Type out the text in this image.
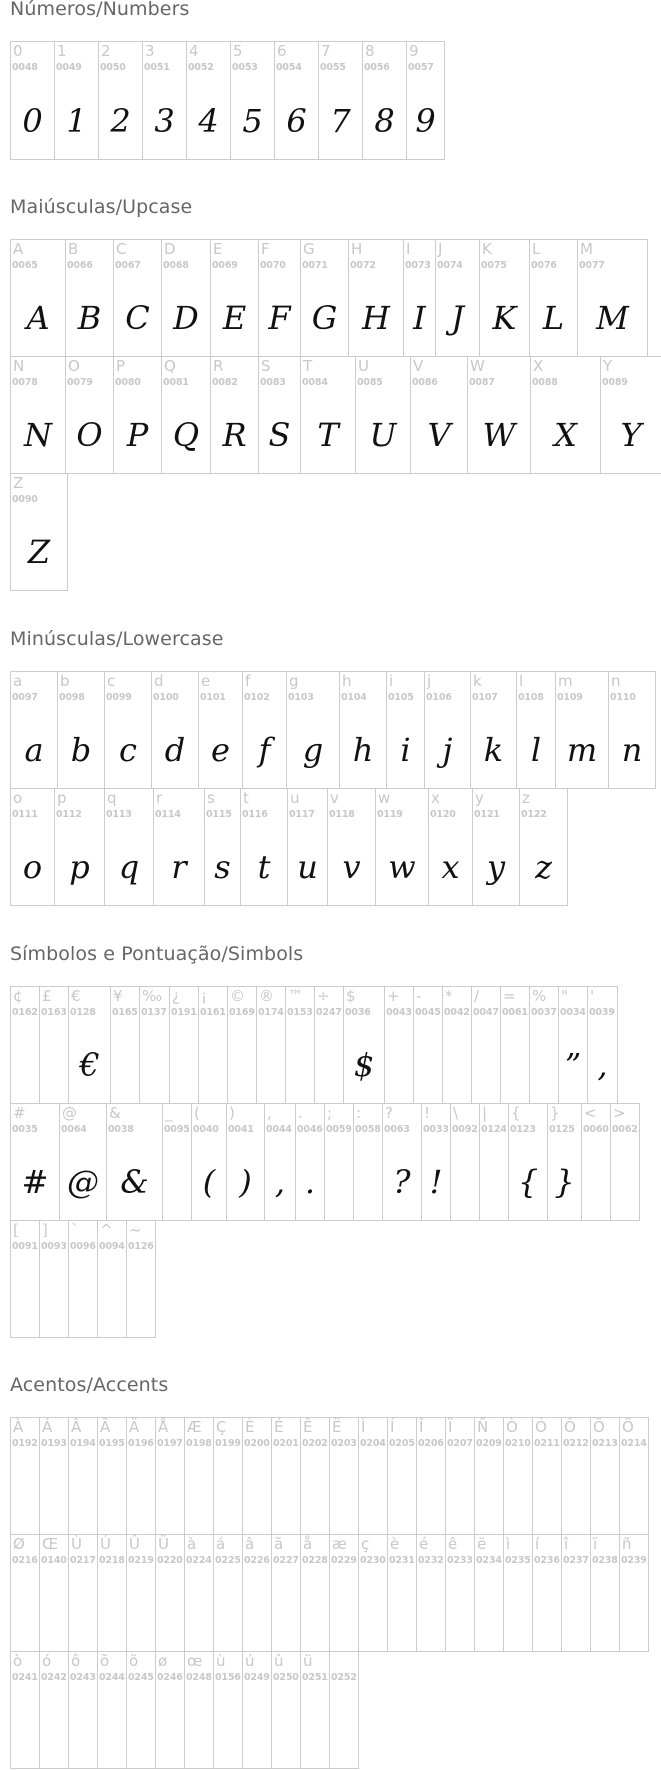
Números/Numbers
Maiúsculas/Upcase
Minúsculas/Lowercase
Símbolos e Pontuação/Simbols
Acentos/Accents
0
0048
0
1
0049
1
2
0050
2
3
0051
3
4
0052
4
5
0053
5
6
0054
6
7
0055
7
8
0056
8
9
0057
9
A
0065
A
B
0066
B
C
0067
C
D
0068
D
E
0069
E
F
0070
F
G
0071
G
H
0072
H
I
0073
I
J
0074
J
K
0075
K
L
0076
L
M
0077
M
N
0078
N
O
0079
O
P
0080
P
Q
0081
Q
R
0082
R
S
0083
S
T
0084
T
U
0085
U
V
0086
V
W
0087
W
X
0088
X
Y
0089
Y
Z
0090
Z
a
0097
a
b
0098
b
c
0099
c
d
0100
d
e
0101
e
f
0102
f
g
0103
g
h
0104
h
i
0105
i
j
0106
j
k
0107
k
l
0108
l
m
0109
m
n
0110
n
o
0111
o
p
0112
p
q
0113
q
r
0114
r
s
0115
s
t
0116
t
u
0117
u
v
0118
v
w
0119
w
x
0120
x
y
0121
y
z
0122
z
¢
0162
£
0163
€
0128
€
¥
0165
‰
0137
¿
0191
¡
0161
©
0169
®
0174
™
0153
÷
0247
$
0036
$
+
0043
-
0045
*
0042
/
0047
=
0061
%
0037
"
0034
”
'
0039
,
#
0035
#
@
0064
@
&
0038
&
_
0095
(
0040
(
)
0041
)
,
0044
,
.
0046
.
;
0059
:
0058
?
0063
?
!
0033
!
\
0092
|
0124
{
0123
{
}
0125
}
<
0060
>
0062
[
0091
]
0093
`
0096
^
0094
~
0126
À
0192
Á
0193
Â
0194
Ã
0195
Ä
0196
Å
0197
Æ
0198
Ç
0199
È
0200
É
0201
Ê
0202
Ë
0203
Ì
0204
Í
0205
Î
0206
Ï
0207
Ñ
0209
Ò
0210
Ó
0211
Ô
0212
Õ
0213
Ö
0214
Ø
0216
Œ
0140
Ù
0217
Ú
0218
Û
0219
Ü
0220
à
0224
á
0225
â
0226
ã
0227
å
0228
æ
0229
ç
0230
è
0231
é
0232
ê
0233
ë
0234
ì
0235
í
0236
î
0237
ï
0238
ñ
0239
ò
0241
ó
0242
ô
0243
õ
0244
ö
0245
ø
0246
œ
0248
ù
0156
ú
0249
û
0250
ü
0251 0252
